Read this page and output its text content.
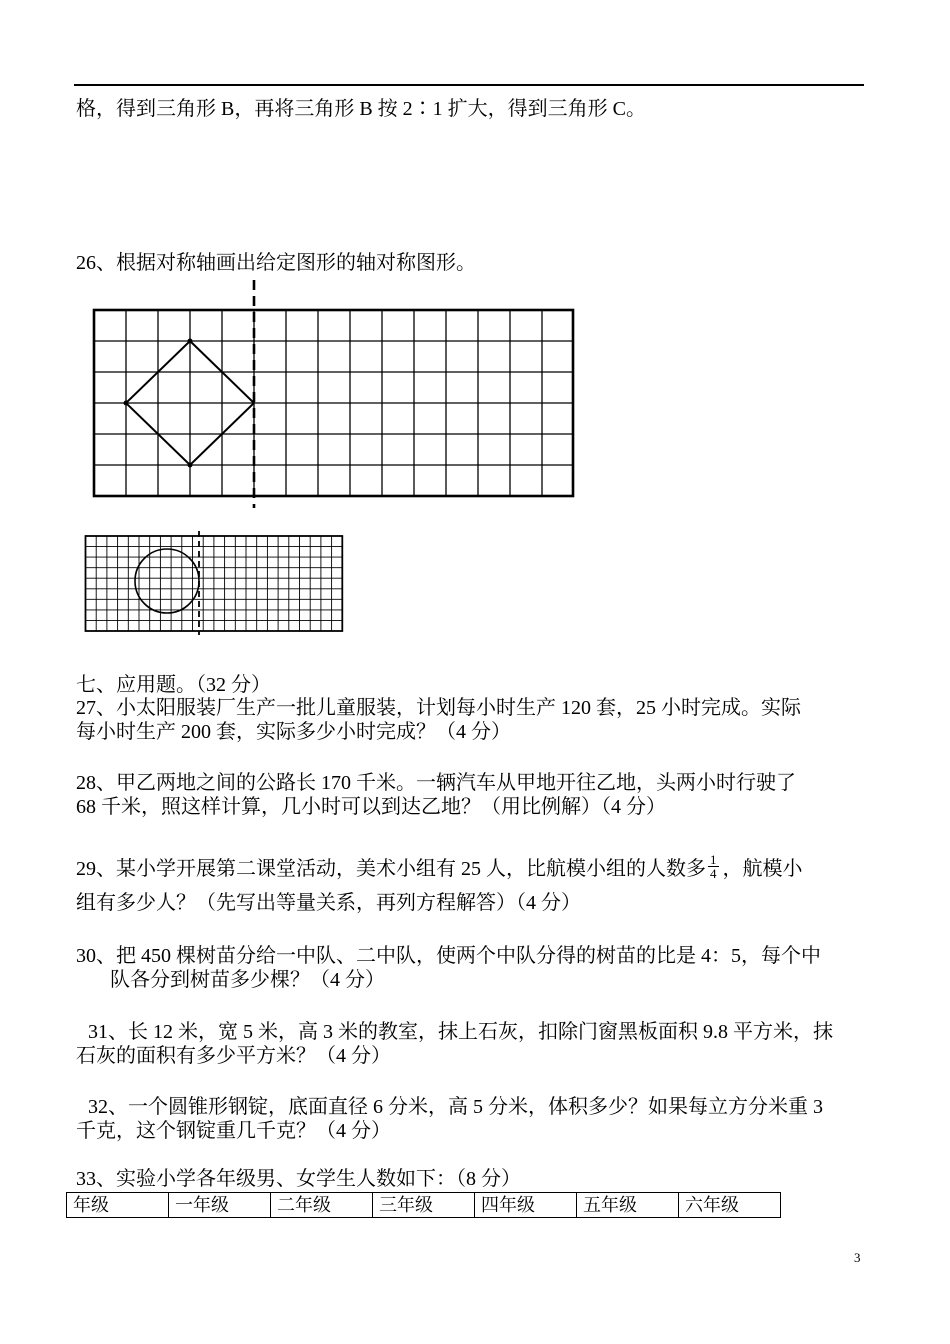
格，得到三角形 B，再将三角形 B 按 2∶1 扩大，得到三角形 C。
26、根据对称轴画出给定图形的轴对称图形。
七、应用题。（32 分）
27、小太阳服装厂生产一批儿童服装，计划每小时生产 120 套，25 小时完成。实际
每小时生产 200 套，实际多少小时完成？（4 分）
28、甲乙两地之间的公路长 170 千米。一辆汽车从甲地开往乙地，头两小时行驶了
68 千米，照这样计算，几小时可以到达乙地？（用比例解）（4 分）
29、某小学开展第二课堂活动，美术小组有 25 人，比航模小组的人数多 $\frac{1}{4}$ ，航模小
组有多少人？（先写出等量关系，再列方程解答）（4 分）
30、把 450 棵树苗分给一中队、二中队，使两个中队分得的树苗的比是 4：5，每个中
队各分到树苗多少棵？（4 分）
31、长 12 米，宽 5 米，高 3 米的教室，抹上石灰，扣除门窗黑板面积 9.8 平方米，抹
石灰的面积有多少平方米？（4 分）
32、一个圆锥形钢锭，底面直径 6 分米，高 5 分米，体积多少？如果每立方分米重 3
千克，这个钢锭重几千克？（4 分）
33、实验小学各年级男、女学生人数如下：（8 分）
年级	一年级	二年级	三年级	四年级	五年级	六年级
3
